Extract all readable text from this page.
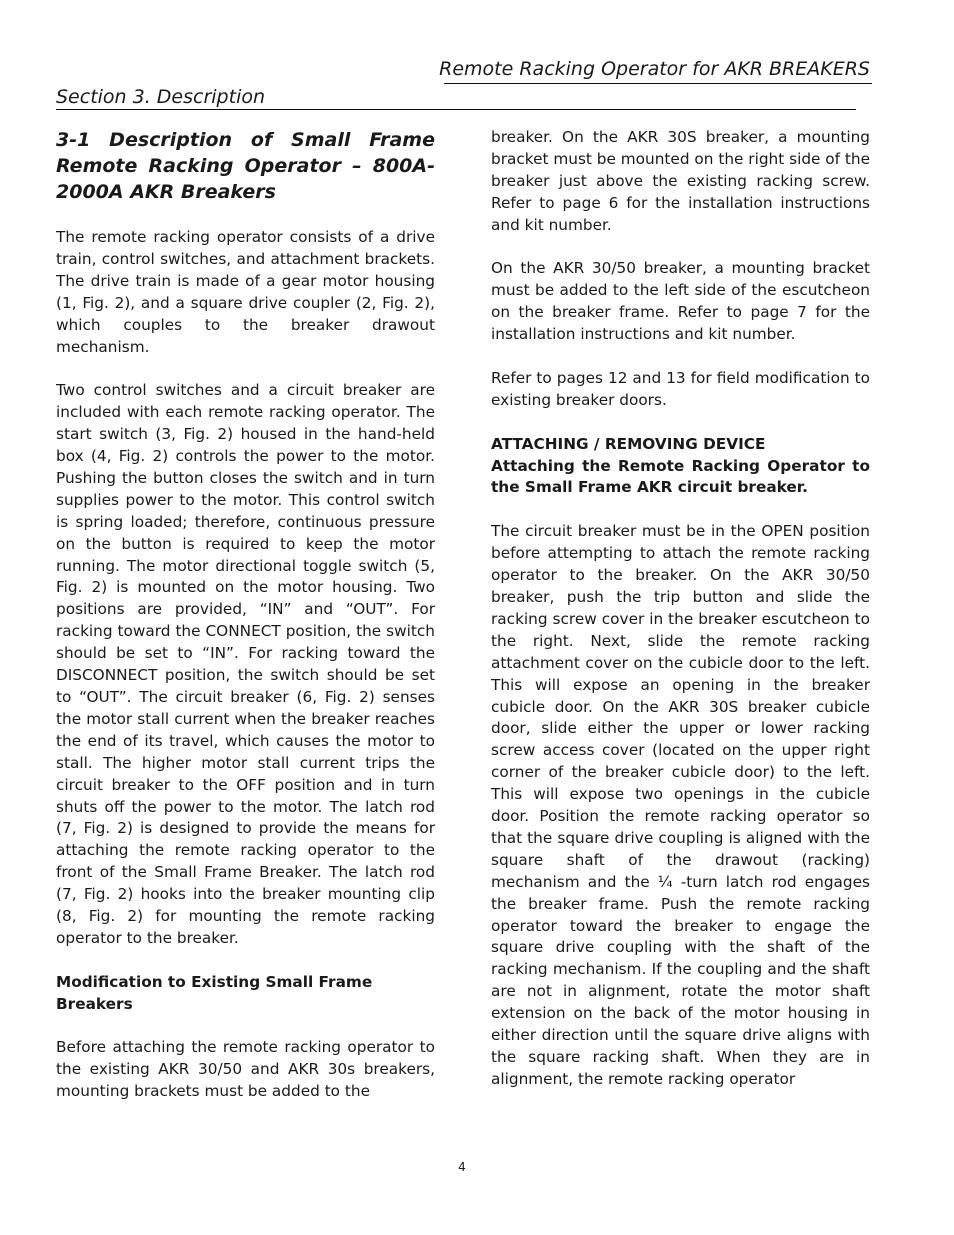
Remote Racking Operator for AKR BREAKERS
Section 3. Description
3-1 Description of Small Frame Remote Racking Operator – 800A-2000A AKR Breakers

The remote racking operator consists of a drive train, control switches, and attachment brackets. The drive train is made of a gear motor housing (1, Fig. 2), and a square drive coupler (2, Fig. 2), which couples to the breaker drawout mechanism.

Two control switches and a circuit breaker are included with each remote racking operator. The start switch (3, Fig. 2) housed in the hand-held box (4, Fig. 2) controls the power to the motor. Pushing the button closes the switch and in turn supplies power to the motor. This control switch is spring loaded; therefore, continuous pressure on the button is required to keep the motor running. The motor directional toggle switch (5, Fig. 2) is mounted on the motor housing. Two positions are provided, “IN” and “OUT”. For racking toward the CONNECT position, the switch should be set to “IN”. For racking toward the DISCONNECT position, the switch should be set to “OUT”. The circuit breaker (6, Fig. 2) senses the motor stall current when the breaker reaches the end of its travel, which causes the motor to stall. The higher motor stall current trips the circuit breaker to the OFF position and in turn shuts off the power to the motor. The latch rod (7, Fig. 2) is designed to provide the means for attaching the remote racking operator to the front of the Small Frame Breaker. The latch rod (7, Fig. 2) hooks into the breaker mounting clip (8, Fig. 2) for mounting the remote racking operator to the breaker.

Modification to Existing Small Frame Breakers

Before attaching the remote racking operator to the existing AKR 30/50 and AKR 30s breakers, mounting brackets must be added to the

breaker. On the AKR 30S breaker, a mounting bracket must be mounted on the right side of the breaker just above the existing racking screw. Refer to page 6 for the installation instructions and kit number.

On the AKR 30/50 breaker, a mounting bracket must be added to the left side of the escutcheon on the breaker frame. Refer to page 7 for the installation instructions and kit number.

Refer to pages 12 and 13 for field modification to existing breaker doors.

ATTACHING / REMOVING DEVICE

Attaching the Remote Racking Operator to the Small Frame AKR circuit breaker.

The circuit breaker must be in the OPEN position before attempting to attach the remote racking operator to the breaker. On the AKR 30/50 breaker, push the trip button and slide the racking screw cover in the breaker escutcheon to the right. Next, slide the remote racking attachment cover on the cubicle door to the left. This will expose an opening in the breaker cubicle door. On the AKR 30S breaker cubicle door, slide either the upper or lower racking screw access cover (located on the upper right corner of the breaker cubicle door) to the left. This will expose two openings in the cubicle door. Position the remote racking operator so that the square drive coupling is aligned with the square shaft of the drawout (racking) mechanism and the ¼ -turn latch rod engages the breaker frame. Push the remote racking operator toward the breaker to engage the square drive coupling with the shaft of the racking mechanism. If the coupling and the shaft are not in alignment, rotate the motor shaft extension on the back of the motor housing in either direction until the square drive aligns with the square racking shaft. When they are in alignment, the remote racking operator

4
